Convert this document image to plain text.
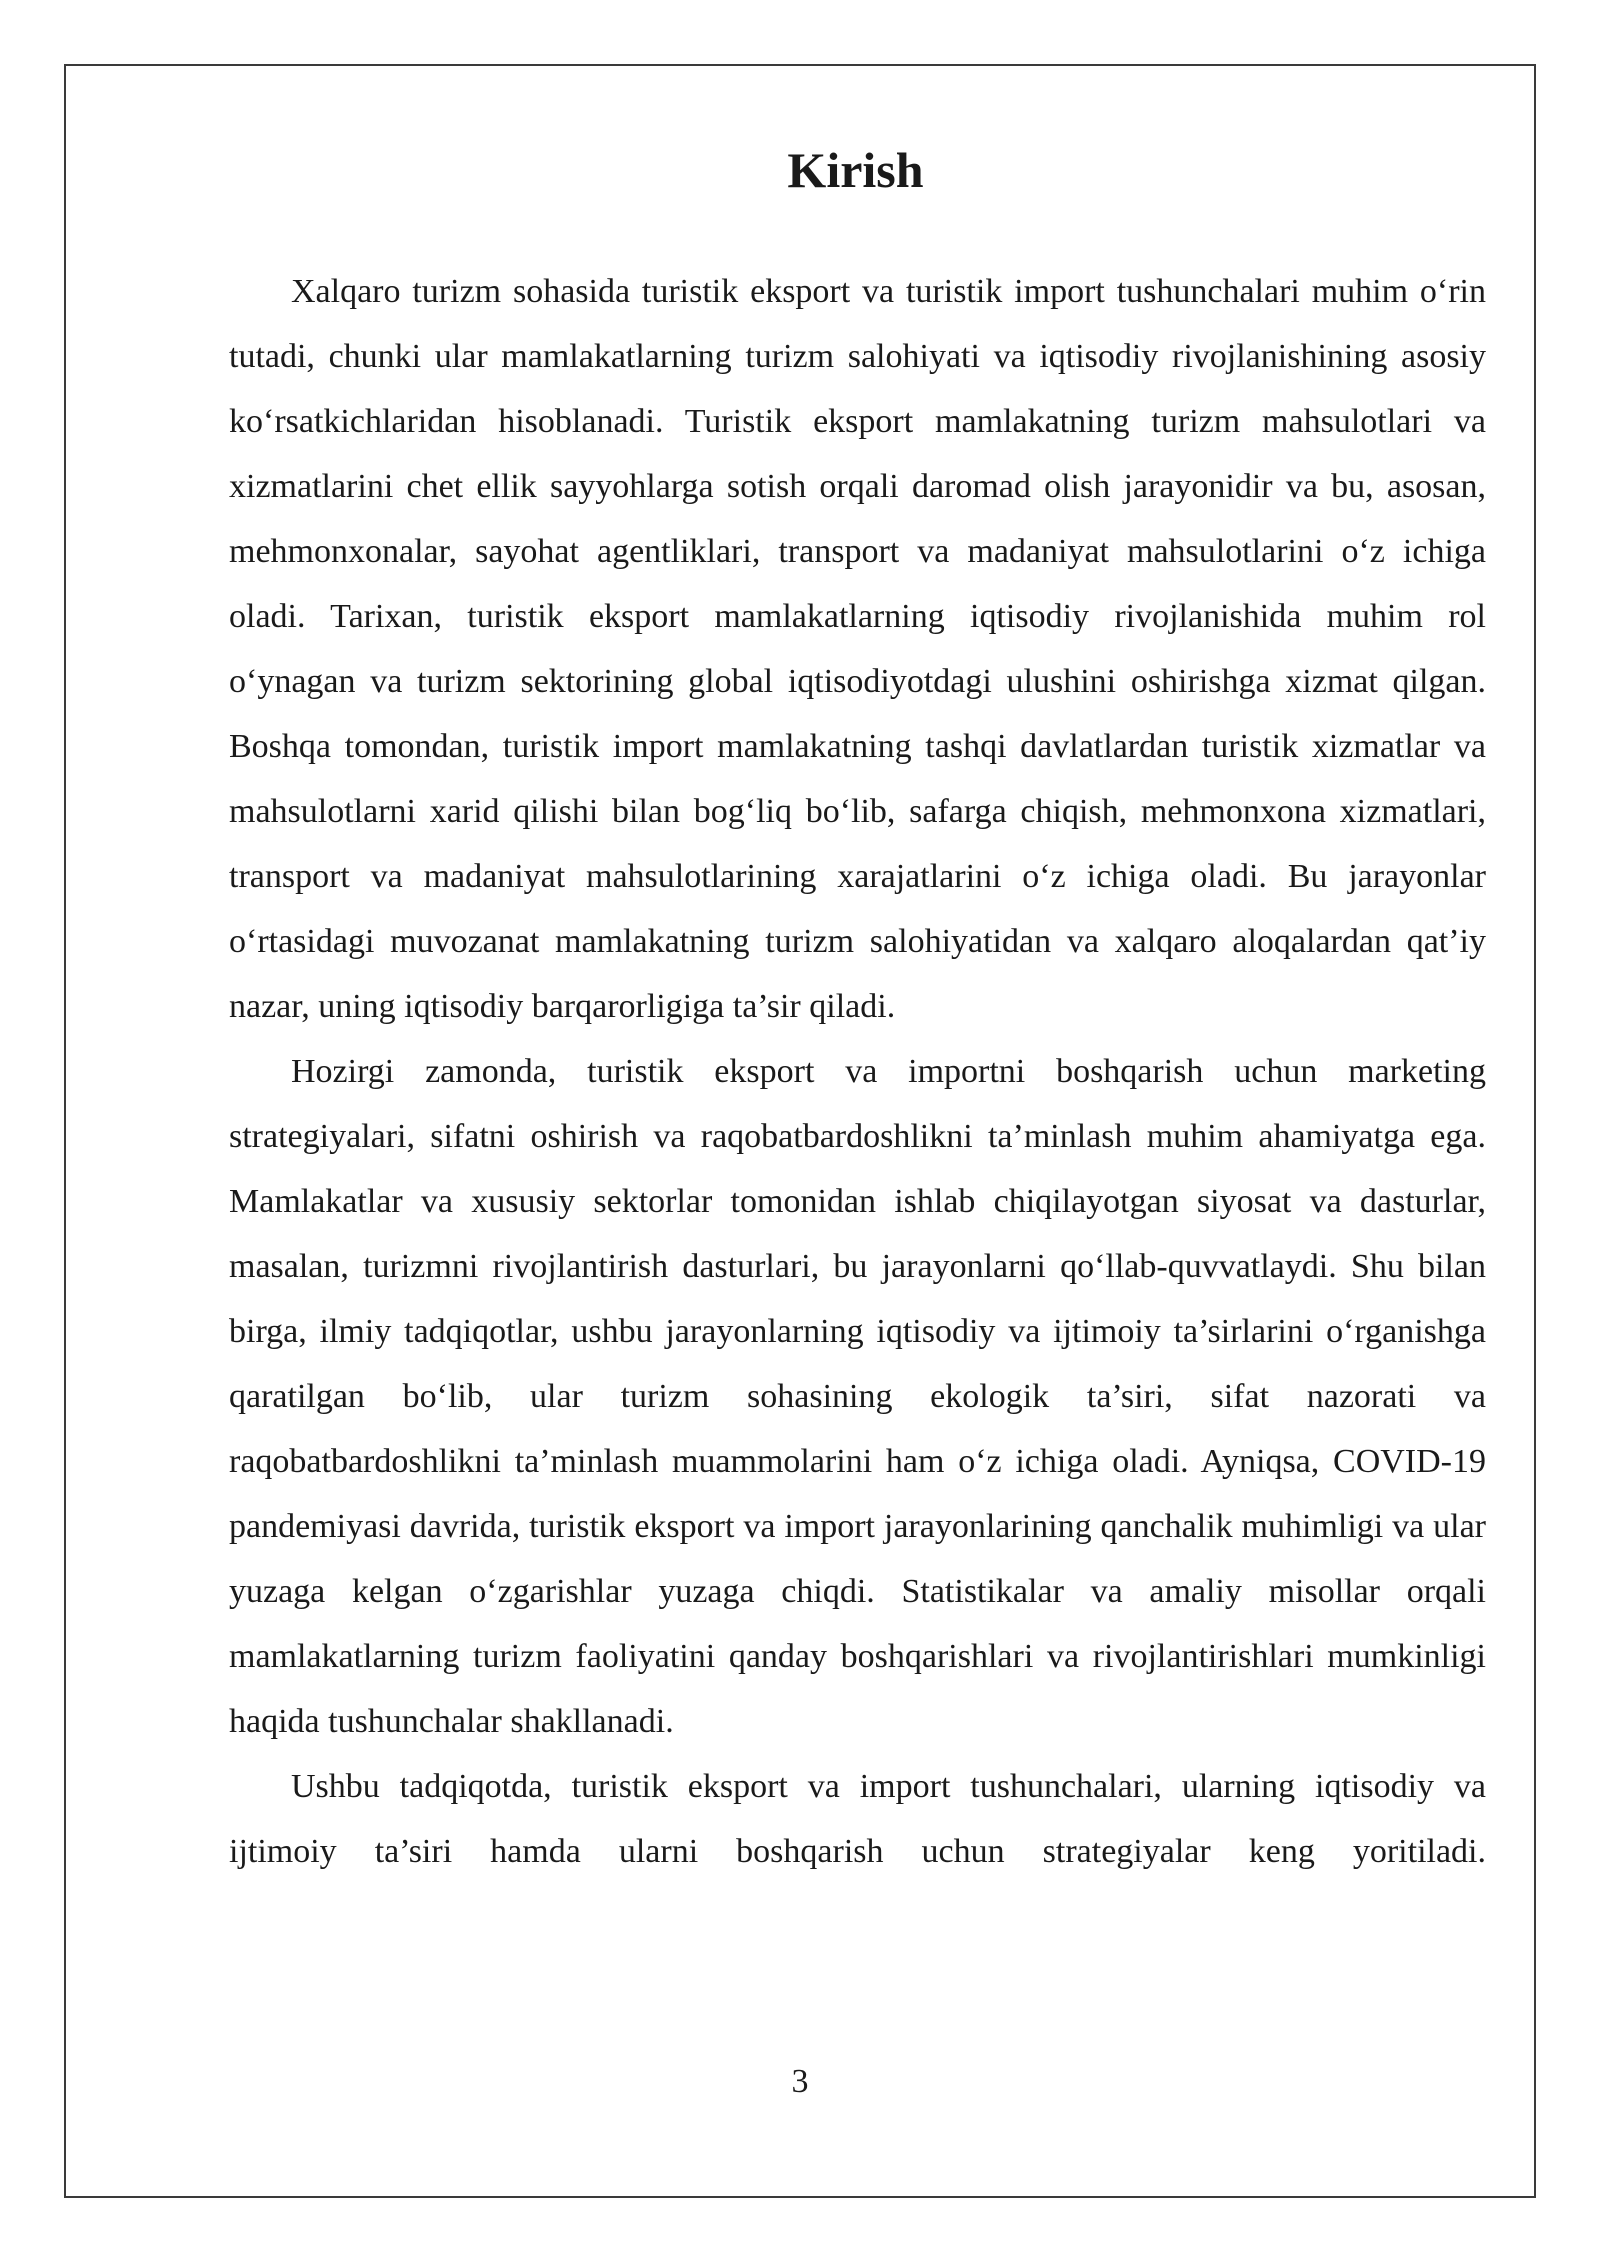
Kirish

Xalqaro turizm sohasida turistik eksport va turistik import tushunchalari muhim o‘rin tutadi, chunki ular mamlakatlarning turizm salohiyati va iqtisodiy rivojlanishining asosiy ko‘rsatkichlaridan hisoblanadi. Turistik eksport mamlakatning turizm mahsulotlari va xizmatlarini chet ellik sayyohlarga sotish orqali daromad olish jarayonidir va bu, asosan, mehmonxonalar, sayohat agentliklari, transport va madaniyat mahsulotlarini o‘z ichiga oladi. Tarixan, turistik eksport mamlakatlarning iqtisodiy rivojlanishida muhim rol o‘ynagan va turizm sektorining global iqtisodiyotdagi ulushini oshirishga xizmat qilgan. Boshqa tomondan, turistik import mamlakatning tashqi davlatlardan turistik xizmatlar va mahsulotlarni xarid qilishi bilan bog‘liq bo‘lib, safarga chiqish, mehmonxona xizmatlari, transport va madaniyat mahsulotlarining xarajatlarini o‘z ichiga oladi. Bu jarayonlar o‘rtasidagi muvozanat mamlakatning turizm salohiyatidan va xalqaro aloqalardan qat’iy nazar, uning iqtisodiy barqarorligiga ta’sir qiladi.

Hozirgi zamonda, turistik eksport va importni boshqarish uchun marketing strategiyalari, sifatni oshirish va raqobatbardoshlikni ta’minlash muhim ahamiyatga ega. Mamlakatlar va xususiy sektorlar tomonidan ishlab chiqilayotgan siyosat va dasturlar, masalan, turizmni rivojlantirish dasturlari, bu jarayonlarni qo‘llab-quvvatlaydi. Shu bilan birga, ilmiy tadqiqotlar, ushbu jarayonlarning iqtisodiy va ijtimoiy ta’sirlarini o‘rganishga qaratilgan bo‘lib, ular turizm sohasining ekologik ta’siri, sifat nazorati va raqobatbardoshlikni ta’minlash muammolarini ham o‘z ichiga oladi. Ayniqsa, COVID-19 pandemiyasi davrida, turistik eksport va import jarayonlarining qanchalik muhimligi va ular yuzaga kelgan o‘zgarishlar yuzaga chiqdi. Statistikalar va amaliy misollar orqali mamlakatlarning turizm faoliyatini qanday boshqarishlari va rivojlantirishlari mumkinligi haqida tushunchalar shakllanadi.

Ushbu tadqiqotda, turistik eksport va import tushunchalari, ularning iqtisodiy va ijtimoiy ta’siri hamda ularni boshqarish uchun strategiyalar keng yoritiladi.

3
